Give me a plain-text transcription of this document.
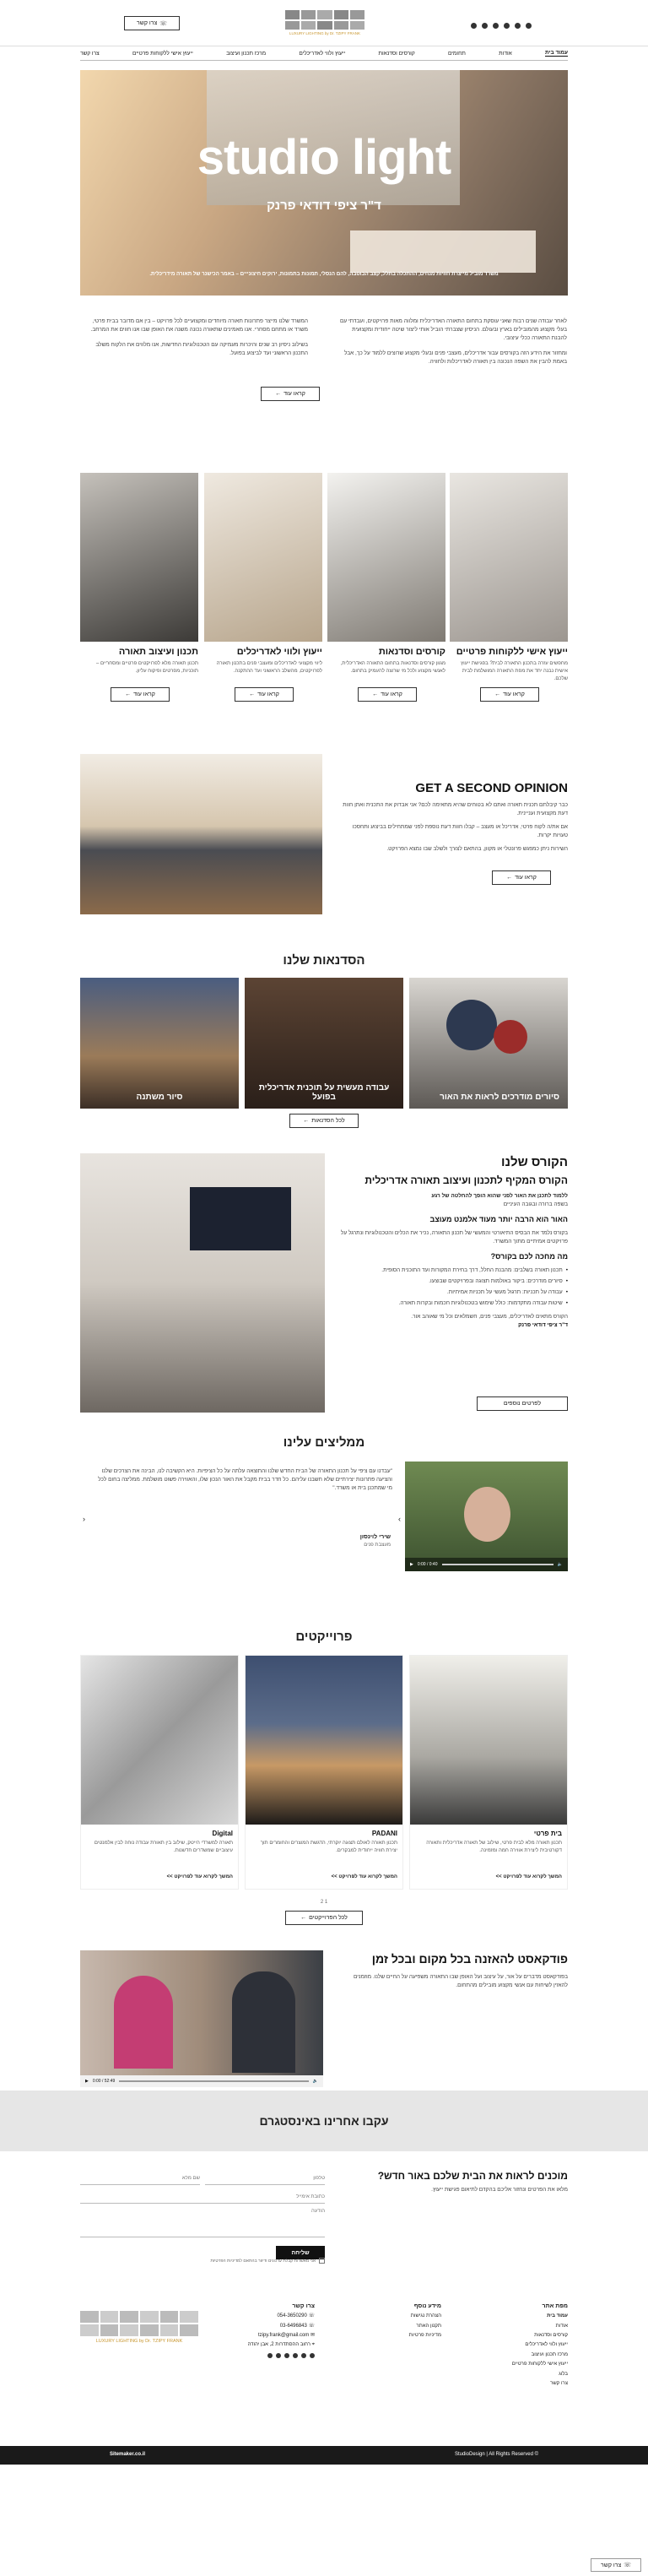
LUXURY LIGHTING by Dr. TZIPY FRANK
☏
צרו קשר
עמוד בית
אודות
תחומים
קורסים וסדנאות
ייעוץ ולווי לאדריכלים
מרכז תכנון ועיצוב
ייעוץ אישי ללקוחות פרטיים
צרו קשר
studio light
ד"ר ציפי דודאי פרנק
משרד מוביל מייצרת חוויות מנחים, ההתכלה בתלל, קצב הבוטבה, להם הנסלי, תמונות בתמונות, ירוקים חיצונייים – באמר הכישנר של תאורה מידריכלית.

לאחר עבודה שנים רבות שאני עוסקת בתחום התאורה האדריכלית ומלווה מאות פרויקטים, ועבדתי עם בעלי מקצוע מהמובילים בארץ ובעולם. הניסיון שצברתי הוביל אותי ליצור שיטה ייחודית ומקצועית להבנת התאורה ככלי עיצובי.

ומחזור את הידע הזה בקורסים עבור אדריכלים, מעצבי פנים ובעלי מקצוע שרוצים ללמוד על כך, אבל באמת להבין את השפה הנכונה בין תאורה לאדריכלות ולחוויה.

המשרד שלנו מייצר פתרונות תאורה מיוחדים ומקצועיים לכל פרויקט – בין אם מדובר בבית פרטי, משרד או מתחם מסחרי. אנו מאמינים שתאורה נכונה משנה את האופן שבו אנו חווים את המרחב.

בשילוב ניסיון רב שנים והיכרות מעמיקה עם הטכנולוגיות החדשות, אנו מלווים את הלקוח משלב התכנון הראשוני ועד לביצוע בפועל.

קראו עוד
←
ייעוץ אישי ללקוחות פרטיים
מחפשים עזרה בתכנון התאורה לבית? בפגישת ייעוץ אישית נבנה יחד את מפת התאורה המושלמת לבית שלכם.
קראו עוד
←
קורסים וסדנאות
מגוון קורסים וסדנאות בתחום התאורה האדריכלית, לאנשי מקצוע ולכל מי שרוצה להעמיק בתחום.
קראו עוד
←
ייעוץ ולווי לאדריכלים
ליווי מקצועי לאדריכלים ומעצבי פנים בתכנון תאורה לפרויקטים, מהשלב הראשוני ועד ההתקנה.
קראו עוד
←
תכנון ועיצוב תאורה
תכנון תאורה מלא לפרויקטים פרטיים ומסחריים – תוכניות, מפרטים ופיקוח עליון.
קראו עוד
←
GET A SECOND OPINION

כבר קיבלתם תכנית תאורה ואתם לא בטוחים שהיא מתאימה לכם? אני אבדוק את התכנית ואתן חוות דעת מקצועית ועניינית.

אם את/ה לקוח פרטי, אדריכל או מעצב – קבלו חוות דעת נוספת לפני שמתחילים בביצוע ותחסכו טעויות יקרות.

השירות ניתן כמפגש פרונטלי או מקוון, בהתאם לצורך ולשלב שבו נמצא הפרויקט.

קראו עוד
←
הסדנאות שלנו
סיורים מודרכים לראות את האור
עבודה מעשית על תוכנית אדריכלית בפועל
סיור משתנה
לכל הסדנאות
←
הקורס שלנו
הקורס המקיף לתכנון ועיצוב תאורה אדריכלית

ללמוד לתכנן את האור לפני שהוא הופך להחלטה של רגע

בשפה ברורה ובגובה העיניים

האור הוא הרבה יותר מעוד אלמנט מעוצב

בקורס נלמד את הבסיס התיאורטי והמעשי של תכנון התאורה, נכיר את הכלים והטכנולוגיות ונתרגל על פרויקטים אמיתיים מתוך המשרד.

מה מחכה לכם בקורס?

• תכנון תאורה בשלבים: מהבנת החלל, דרך בחירת המקורות ועד התוכנית הסופית.
• סיורים מודרכים: ביקור באולמות תצוגה ובפרויקטים שבוצעו.
• עבודה על תכניות: תרגול מעשי על תכניות אמיתיות.
• שיטות עבודה מתקדמות: כולל שימוש בטכנולוגיות חכמות ובקרות תאורה.

הקורס מתאים לאדריכלים, מעצבי פנים, חשמלאים וכל מי שאוהב אור.

ד"ר ציפי דודאי פרנק

לפרטים נוספים
ממליצים עלינו
▶ 0:00 / 0:40	🔈
›
‹
"עבדנו עם ציפי על תכנון התאורה של הבית החדש שלנו והתוצאה עלתה על כל הציפיות. היא הקשיבה לנו, הבינה את הצרכים שלנו והציעה פתרונות יצירתיים שלא חשבנו עליהם. כל חדר בבית מקבל את האור הנכון שלו, והאווירה פשוט מושלמת. ממליצה בחום לכל מי שמתכנן בית או משרד."
שירי לוינסון
מעצבת פנים
פרוייקטים
בית פרטי
תכנון תאורה מלא לבית פרטי, שילוב של תאורה אדריכלית ותאורה דקורטיבית ליצירת אווירה חמה ומזמינה.
המשך לקרוא עוד לפרויקט >>
PADANI
תכנון תאורה לאולם תצוגה יוקרתי, הדגשת המוצרים והחומרים תוך יצירת חוויה ייחודית למבקרים.
המשך לקרוא עוד לפרויקט >>
Digital
תאורה למשרדי הייטק, שילוב בין תאורת עבודה נוחה לבין אלמנטים עיצוביים שמשדרים חדשנות.
המשך לקרוא עוד לפרויקט >>
1 2
לכל הפרוייקטים
←
פודקאסט להאזנה בכל מקום ובכל זמן
בפודקאסט מדברים על אור, על עיצוב ועל האופן שבו התאורה משפיעה על החיים שלנו. מוזמנים להאזין לשיחות עם אנשי מקצוע מובילים מהתחום.
▶ 0:00 / 52:49	🔈
עקבו אחרינו באינסטגרם
מוכנים לראות את הבית שלכם באור חדש?
מלאו את הפרטים ונחזור אליכם בהקדם לתיאום פגישת ייעוץ.
טלפון
שם מלא
כתובת אימייל הודעה
שליחה
אני מאשר/ת קבלת עדכונים ודיוור בהתאם למדיניות הפרטיות
מפת אתר
עמוד בית
אודות
קורסים וסדנאות
ייעוץ ולווי לאדריכלים
מרכז תכנון ועיצוב
ייעוץ אישי ללקוחות פרטיים
בלוג
צרו קשר
מידע נוסף
הצהרת נגישות
תקנון האתר
מדיניות פרטיות
צרו קשר
☏ 054-3650290
☏ 03-6496843
✉ tzipy.frank@gmail.com
⌖ רחוב ההסתדרות 2, אבן יהודה
LUXURY LIGHTING by Dr. TZIPY FRANK
StudioDesign | All Rights Reserved ©
Sitemaker.co.il
☏
צרו קשר
